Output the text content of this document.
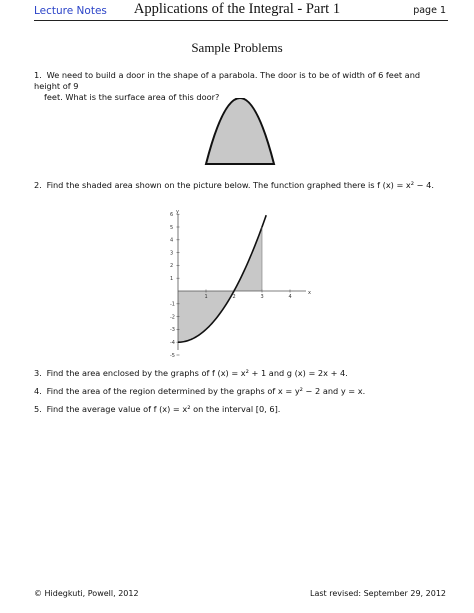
Lecture Notes	Applications of the Integral - Part 1	page 1
Sample Problems
1. We need to build a door in the shape of a parabola. The door is to be of width of 6 feet and height of 9
feet. What is the surface area of this door?
2. Find the shaded area shown on the picture below. The function graphed there is f (x) = x² − 4.
x
y
1	2	3	4
6
5
4
3
2
1
-1
-2
-3
-4
-5
3. Find the area enclosed by the graphs of f (x) = x² + 1 and g (x) = 2x + 4.
4. Find the area of the region determined by the graphs of x = y² − 2 and y = x.
5. Find the average value of f (x) = x² on the interval [0, 6].
© Hidegkuti, Powell, 2012	Last revised: September 29, 2012
